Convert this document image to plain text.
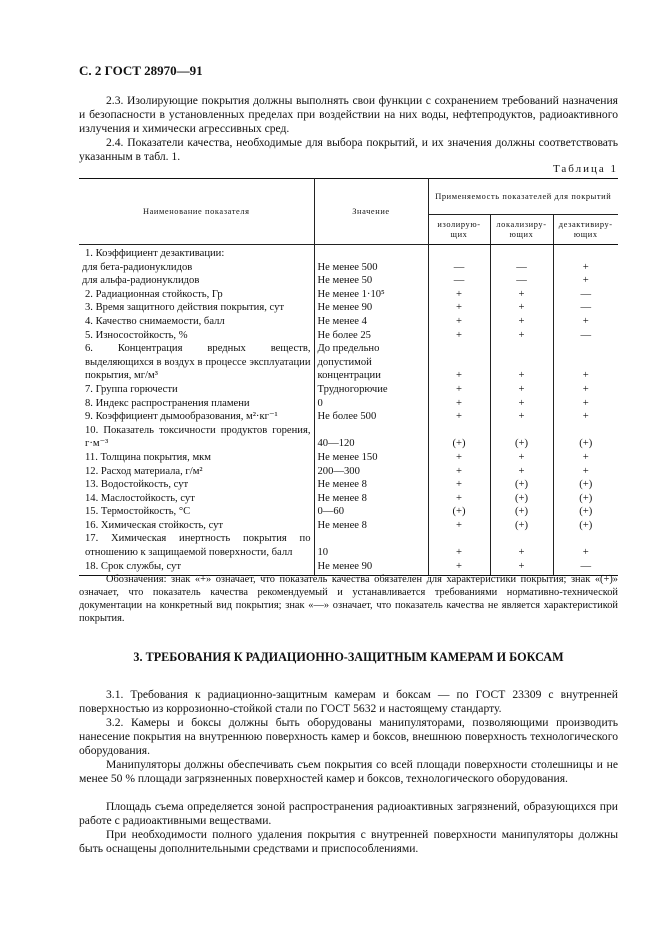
С. 2 ГОСТ 28970—91

2.3. Изолирующие покрытия должны выполнять свои функции с сохранением требований назначения и безопасности в установленных пределах при воздействии на них воды, нефтепродуктов, радиоактивного излучения и химически агрессивных сред.

2.4. Показатели качества, необходимые для выбора покрытий, и их значения должны соответствовать указанным в табл. 1.

Таблица 1
Наименование показателя	Значение	Применяемость показателей для покрытий		
		изолирую-щих	локализиру-ющих	дезактивиру-ющих
1. Коэффициент дезактивации:				
для бета-радионуклидов	Не менее 500	—	—	+
для альфа-радионуклидов	Не менее 50	—	—	+
2. Радиационная стойкость, Гр	Не менее 1·10⁵	+	+	—
3. Время защитного действия покрытия, сут	Не менее 90	+	+	—
4. Качество снимаемости, балл	Не менее 4	+	+	+
5. Износостойкость, %	Не более 25	+	+	—
6. Концентрация вредных веществ, выделяющихся в воздух в процессе эксплуатации покрытия, мг/м³	До предельно допустимой концентрации	+	+	+
7. Группа горючести	Трудногорючие	+	+	+
8. Индекс распространения пламени	0	+	+	+
9. Коэффициент дымообразования, м²·кг⁻¹	Не более 500	+	+	+
10. Показатель токсичности продуктов горения, г·м⁻³	40—120	(+)	(+)	(+)
11. Толщина покрытия, мкм	Не менее 150	+	+	+
12. Расход материала, г/м²	200—300	+	+	+
13. Водостойкость, сут	Не менее 8	+	(+)	(+)
14. Маслостойкость, сут	Не менее 8	+	(+)	(+)
15. Термостойкость, °С	0—60	(+)	(+)	(+)
16. Химическая стойкость, сут	Не менее 8	+	(+)	(+)
17. Химическая инертность покрытия по отношению к защищаемой поверхности, балл	10	+	+	+
18. Срок службы, сут	Не менее 90	+	+	—

Обозначения: знак «+» означает, что показатель качества обязателен для характеристики покрытия; знак «(+)» означает, что показатель качества рекомендуемый и устанавливается требованиями нормативно-технической документации на конкретный вид покрытия; знак «—» означает, что показатель качества не является характеристикой покрытия.

3. ТРЕБОВАНИЯ К РАДИАЦИОННО-ЗАЩИТНЫМ КАМЕРАМ И БОКСАМ

3.1. Требования к радиационно-защитным камерам и боксам — по ГОСТ 23309 с внутренней поверхностью из коррозионно-стойкой стали по ГОСТ 5632 и настоящему стандарту.

3.2. Камеры и боксы должны быть оборудованы манипуляторами, позволяющими производить нанесение покрытия на внутреннюю поверхность камер и боксов, внешнюю поверхность технологического оборудования.

Манипуляторы должны обеспечивать съем покрытия со всей площади поверхности столешницы и не менее 50 % площади загрязненных поверхностей камер и боксов, технологического оборудования.

Площадь съема определяется зоной распространения радиоактивных загрязнений, образующихся при работе с радиоактивными веществами.

При необходимости полного удаления покрытия с внутренней поверхности манипуляторы должны быть оснащены дополнительными средствами и приспособлениями.
